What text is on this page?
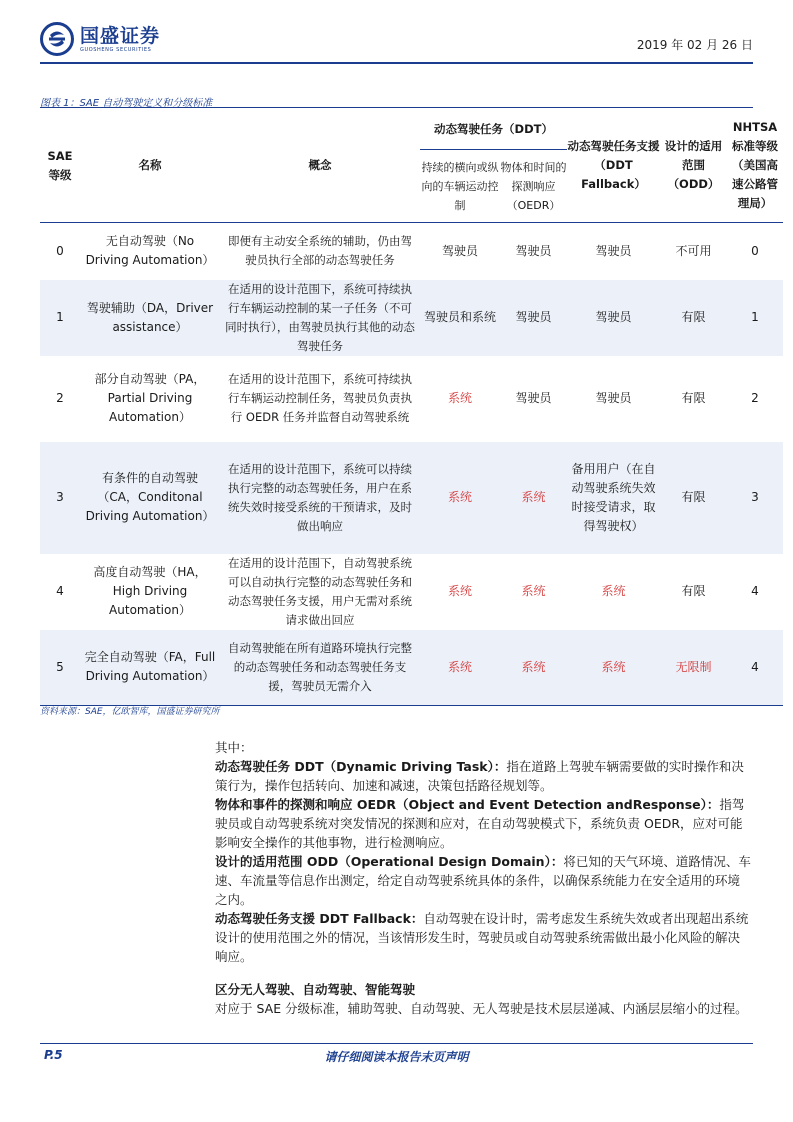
国盛证券
GUOSHENG SECURITIES	2019 年 02 月 26 日
图表 1：SAE 自动驾驶定义和分级标准
SAE 等级	名称	概念	动态驾驶任务（DDT）		动态驾驶任务支援（DDT Fallback）	设计的适用范围（ODD）	NHTSA 标准等级（美国高速公路管理局）
			持续的横向或纵向的车辆运动控制	物体和时间的探测响应（OEDR）			
0	无自动驾驶（No Driving Automation）	即便有主动安全系统的辅助，仍由驾驶员执行全部的动态驾驶任务	驾驶员	驾驶员	驾驶员	不可用	0
1	驾驶辅助（DA，Driver assistance）	在适用的设计范围下，系统可持续执行车辆运动控制的某一子任务（不可同时执行），由驾驶员执行其他的动态驾驶任务	驾驶员和系统	驾驶员	驾驶员	有限	1
2	部分自动驾驶（PA，Partial Driving Automation）	在适用的设计范围下，系统可持续执行车辆运动控制任务，驾驶员负责执行 OEDR 任务并监督自动驾驶系统	系统	驾驶员	驾驶员	有限	2
3	有条件的自动驾驶（CA，Conditonal Driving Automation）	在适用的设计范围下，系统可以持续执行完整的动态驾驶任务，用户在系统失效时接受系统的干预请求，及时做出响应	系统	系统	备用用户（在自动驾驶系统失效时接受请求，取得驾驶权）	有限	3
4	高度自动驾驶（HA，High Driving Automation）	在适用的设计范围下，自动驾驶系统可以自动执行完整的动态驾驶任务和动态驾驶任务支援，用户无需对系统请求做出回应	系统	系统	系统	有限	4
5	完全自动驾驶（FA，Full Driving Automation）	自动驾驶能在所有道路环境执行完整的动态驾驶任务和动态驾驶任务支援，驾驶员无需介入	系统	系统	系统	无限制	4
资料来源：SAE，亿欧智库，国盛证券研究所

其中：

动态驾驶任务 DDT（Dynamic Driving Task）：指在道路上驾驶车辆需要做的实时操作和决策行为，操作包括转向、加速和减速，决策包括路径规划等。

物体和事件的探测和响应 OEDR（Object and Event Detection andResponse）：指驾驶员或自动驾驶系统对突发情况的探测和应对，在自动驾驶模式下，系统负责 OEDR，应对可能影响安全操作的其他事物，进行检测响应。

设计的适用范围 ODD（Operational Design Domain）：将已知的天气环境、道路情况、车速、车流量等信息作出测定，给定自动驾驶系统具体的条件，以确保系统能力在安全适用的环境之内。

动态驾驶任务支援 DDT Fallback：自动驾驶在设计时，需考虑发生系统失效或者出现超出系统设计的使用范围之外的情况，当该情形发生时，驾驶员或自动驾驶系统需做出最小化风险的解决响应。

区分无人驾驶、自动驾驶、智能驾驶

对应于 SAE 分级标准，辅助驾驶、自动驾驶、无人驾驶是技术层层递减、内涵层层缩小的过程。

P.5	请仔细阅读本报告末页声明
